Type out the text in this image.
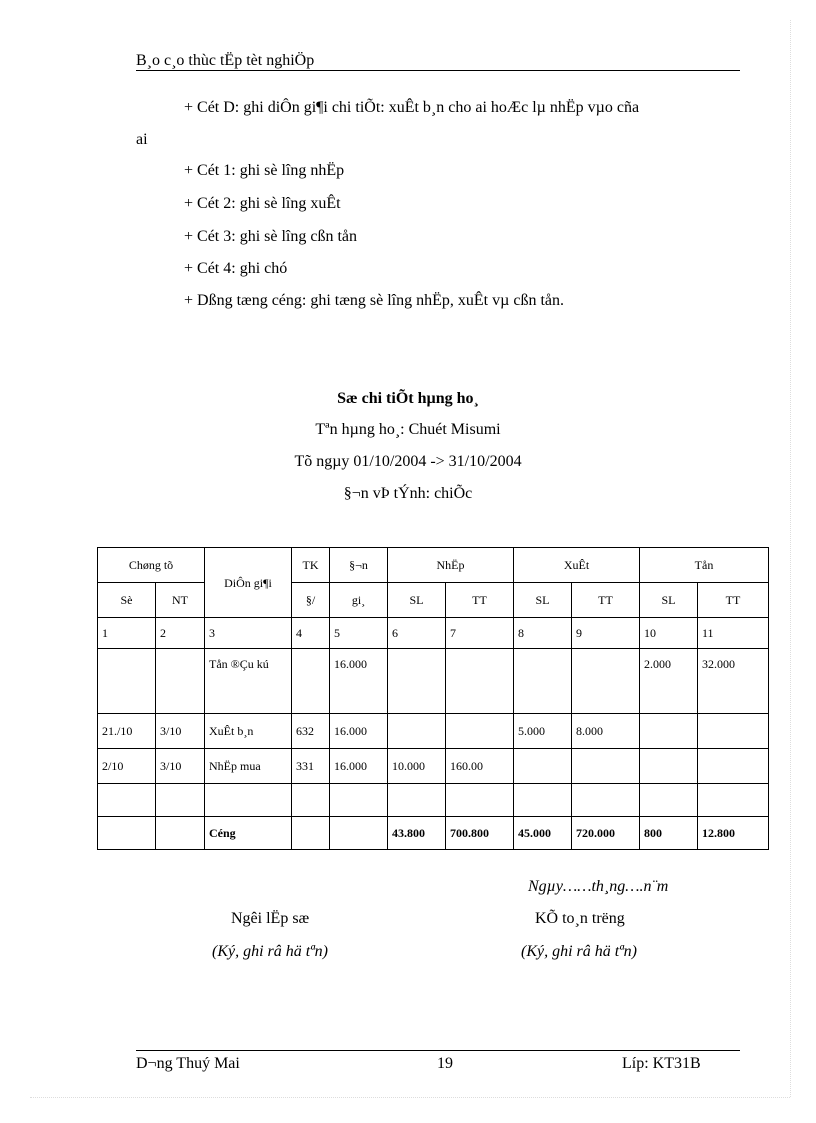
B¸o c¸o thùc tËp tèt nghiÖp
+ Cét D: ghi diÔn gi¶i chi tiÕt: xuÊt b¸n cho ai hoÆc lµ nhËp vµo cña
ai
+ Cét 1: ghi sè lîng nhËp
+ Cét 2: ghi sè lîng xuÊt
+ Cét 3: ghi sè lîng cßn tån
+ Cét 4: ghi chó
+ Dßng tæng céng: ghi tæng sè lîng nhËp, xuÊt vµ cßn tån.
Sæ chi tiÕt hµng ho¸
Tªn hµng ho¸: Chuét Misumi
Tõ ngµy 01/10/2004 -> 31/10/2004
§¬n vÞ tÝnh: chiÕc
Chøng tõ		DiÔn gi¶i	TK	§¬n	NhËp		XuÊt		Tån	
Sè	NT		§/	gi¸	SL	TT	SL	TT	SL	TT
1	2	3	4	5	6	7	8	9	10	11
		Tån ®Çu kú		16.000					2.000	32.000
21./10	3/10	XuÊt b¸n	632	16.000			5.000	8.000		
2/10	3/10	NhËp mua	331	16.000	10.000	160.00				

		Céng			43.800	700.800	45.000	720.000	800	12.800
Ngµy……th¸ng….n¨m
Ngêi lËp sæ
(Ký, ghi râ hä tªn)
KÕ to¸n trëng
(Ký, ghi râ hä tªn)
D¬ng Thuý Mai	19	Líp: KT31B
